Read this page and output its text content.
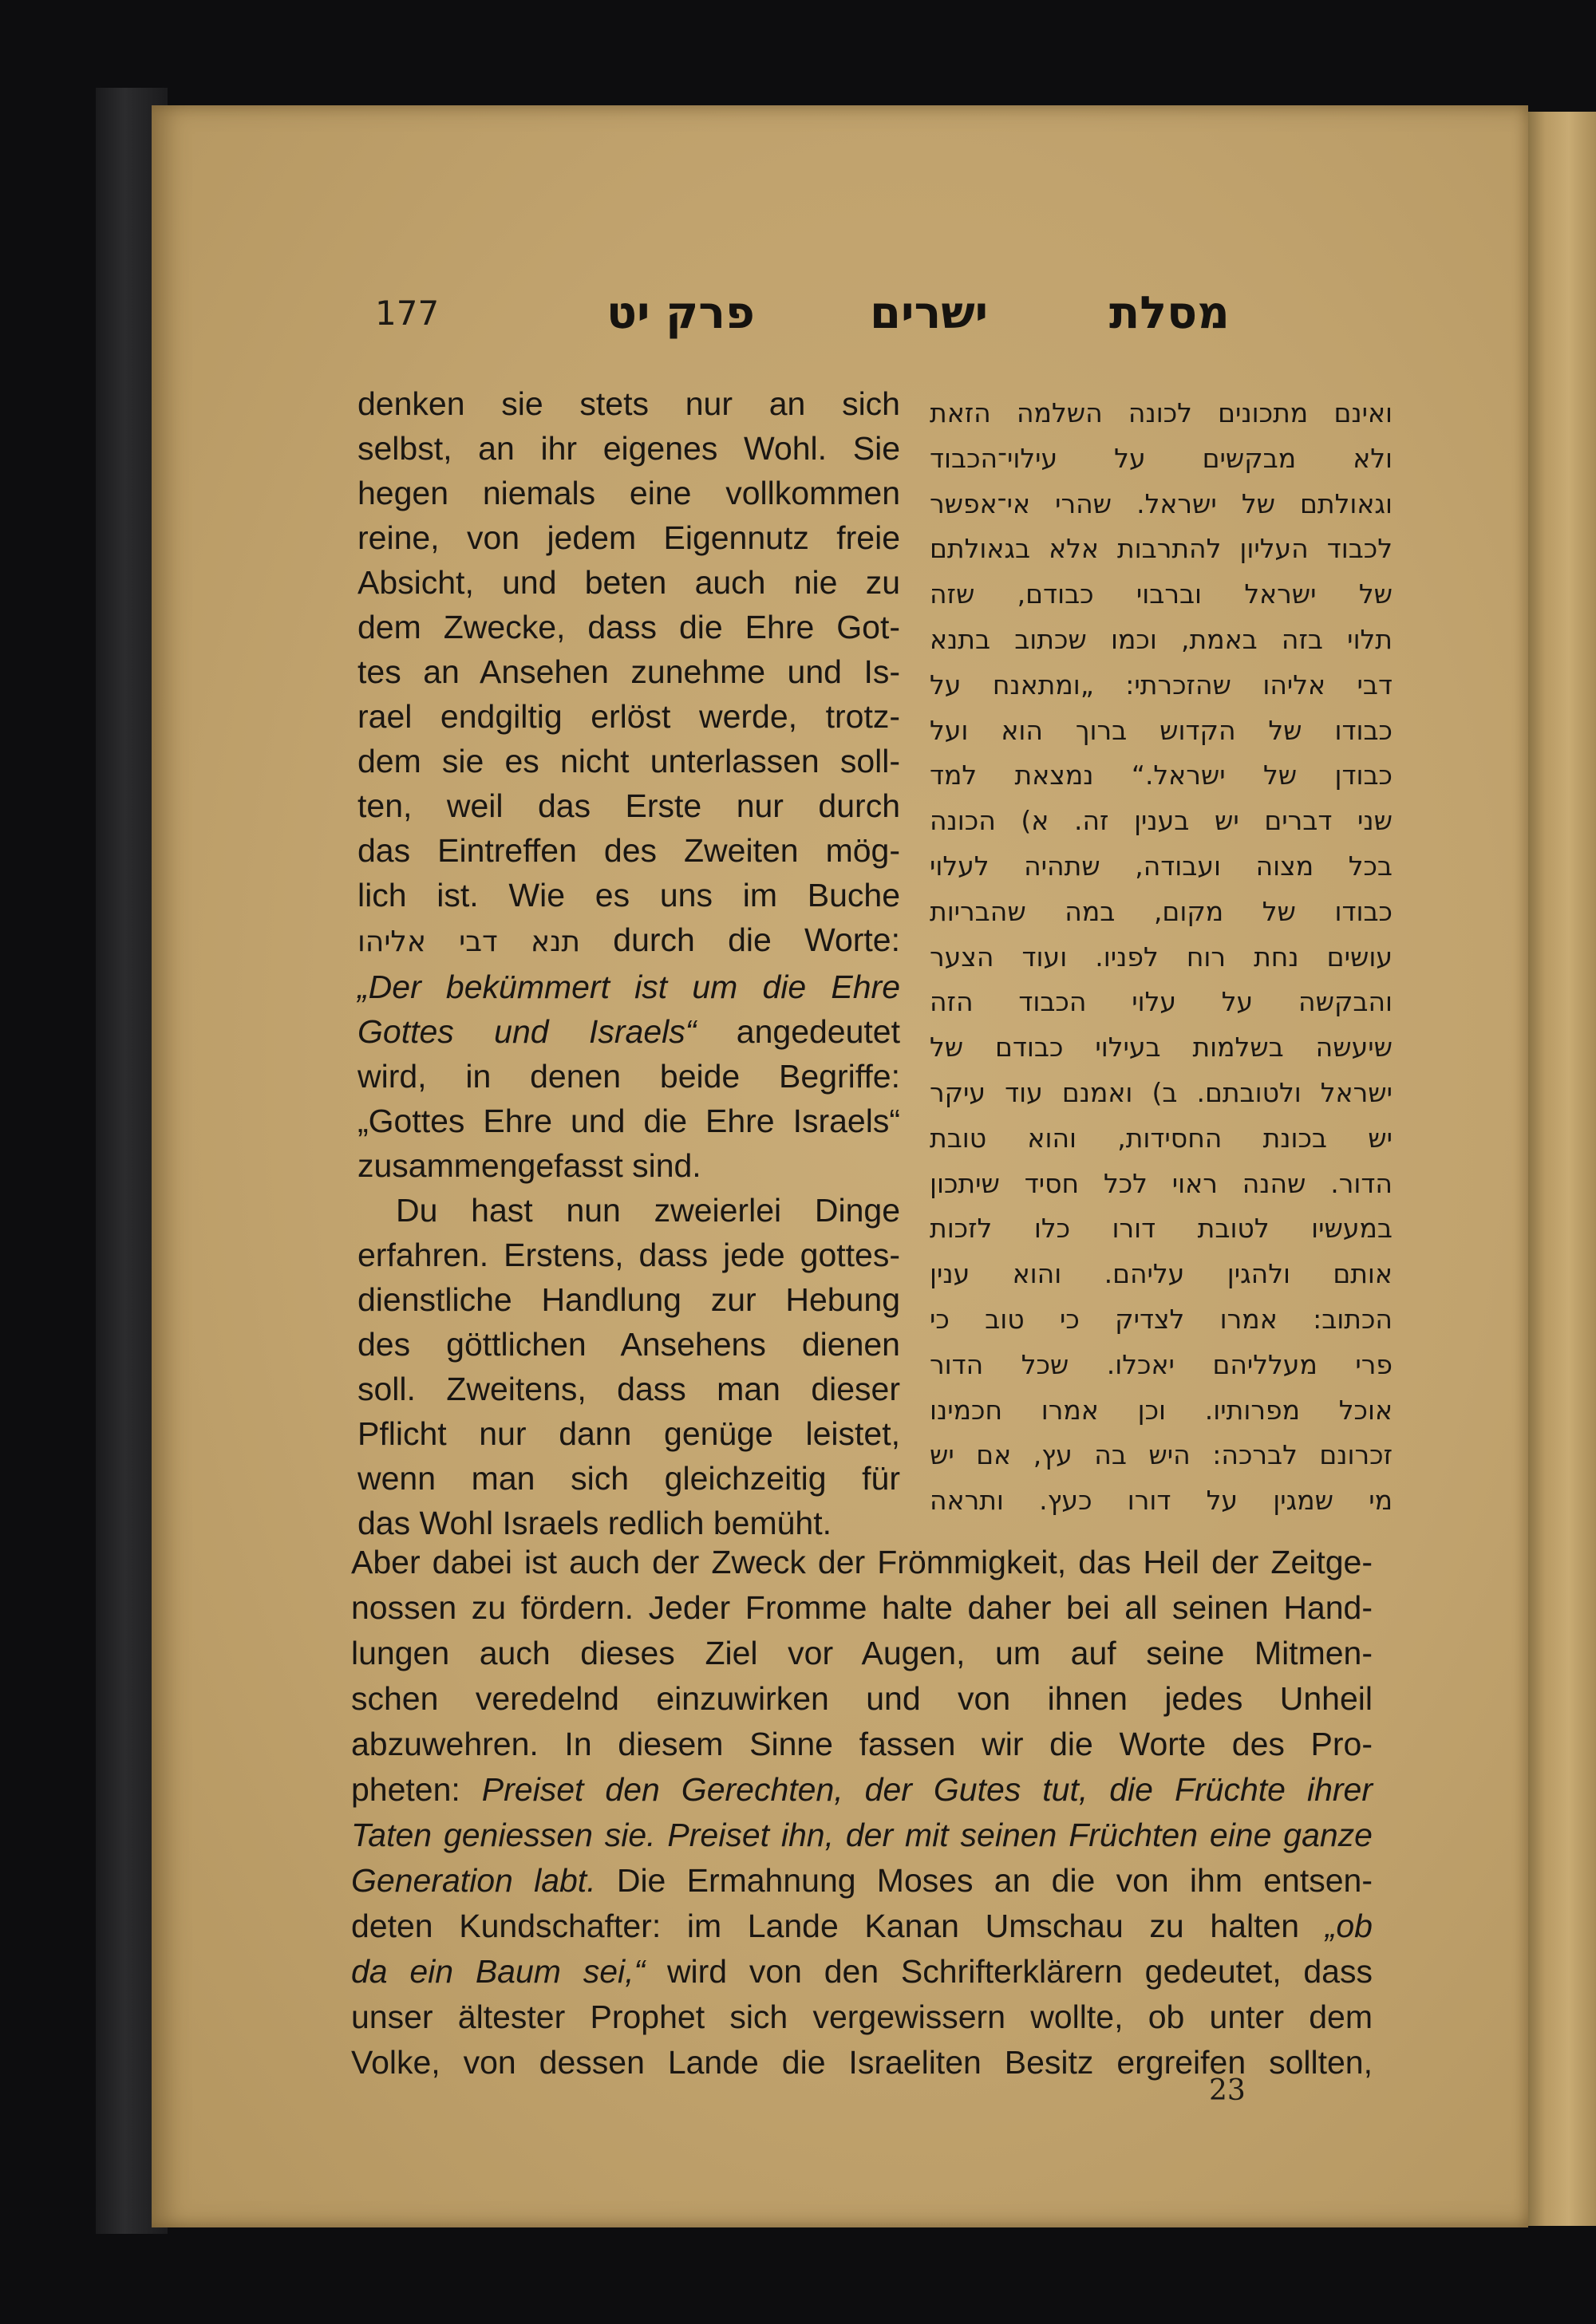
177	פרק יט	ישרים	מסלת
denken sie stets nur an sich
selbst, an ihr eigenes Wohl. Sie
hegen niemals eine vollkommen
reine, von jedem Eigennutz freie
Absicht, und beten auch nie zu
dem Zwecke, dass die Ehre Got-
tes an Ansehen zunehme und Is-
rael endgiltig erlöst werde, trotz-
dem sie es nicht unterlassen soll-
ten, weil das Erste nur durch
das Eintreffen des Zweiten mög-
lich ist. Wie es uns im Buche
תנא דבי אליהו durch die Worte:
„Der bekümmert ist um die Ehre
Gottes und Israels“ angedeutet
wird, in denen beide Begriffe:
„Gottes Ehre und die Ehre Israels“
zusammengefasst sind.
Du hast nun zweierlei Dinge
erfahren. Erstens, dass jede gottes-
dienstliche Handlung zur Hebung
des göttlichen Ansehens dienen
soll. Zweitens, dass man dieser
Pflicht nur dann genüge leistet,
wenn man sich gleichzeitig für
das Wohl Israels redlich bemüht.
ואינם מתכונים לכונה השלמה הזאת
ולא מבקשים על עילוי־הכבוד
וגאולתם של ישראל. שהרי אי־אפשר
לכבוד העליון להתרבות אלא בגאולתם
של ישראל וברבוי כבודם, שזה
תלוי בזה באמת, וכמו שכתוב בתנא
דבי אליהו שהזכרתי: „ומתאנח על
כבודו של הקדוש ברוך הוא ועל
כבודן של ישראל.“ נמצאת למד
שני דברים יש בענין זה. א) הכונה
בכל מצוה ועבודה, שתהיה לעלוי
כבודו של מקום, במה שהבריות
עושים נחת רוח לפניו. ועוד הצער
והבקשה על עלוי הכבוד הזה
שיעשה בשלמות בעילוי כבודם של
ישראל ולטובתם. ב) ואמנם עוד עיקר
יש בכונת החסידות, והוא טובת
הדור. שהנה ראוי לכל חסיד שיתכון
במעשיו לטובת דורו כלו לזכות
אותם ולהגין עליהם. והוא ענין
הכתוב: אמרו לצדיק כי טוב כי
פרי מעלליהם יאכלו. שכל הדור
אוכל מפרותיו. וכן אמרו חכמינו
זכרונם לברכה: היש בה עץ, אם יש
מי שמגין על דורו כעץ. ותראה
Aber dabei ist auch der Zweck der Frömmigkeit, das Heil der Zeitge-
nossen zu fördern. Jeder Fromme halte daher bei all seinen Hand-
lungen auch dieses Ziel vor Augen, um auf seine Mitmen-
schen veredelnd einzuwirken und von ihnen jedes Unheil
abzuwehren. In diesem Sinne fassen wir die Worte des Pro-
pheten: Preiset den Gerechten, der Gutes tut, die Früchte ihrer
Taten geniessen sie. Preiset ihn, der mit seinen Früchten eine ganze
Generation labt. Die Ermahnung Moses an die von ihm entsen-
deten Kundschafter: im Lande Kanan Umschau zu halten „ob
da ein Baum sei,“ wird von den Schrifterklärern gedeutet, dass
unser ältester Prophet sich vergewissern wollte, ob unter dem
Volke, von dessen Lande die Israeliten Besitz ergreifen sollten,
23
